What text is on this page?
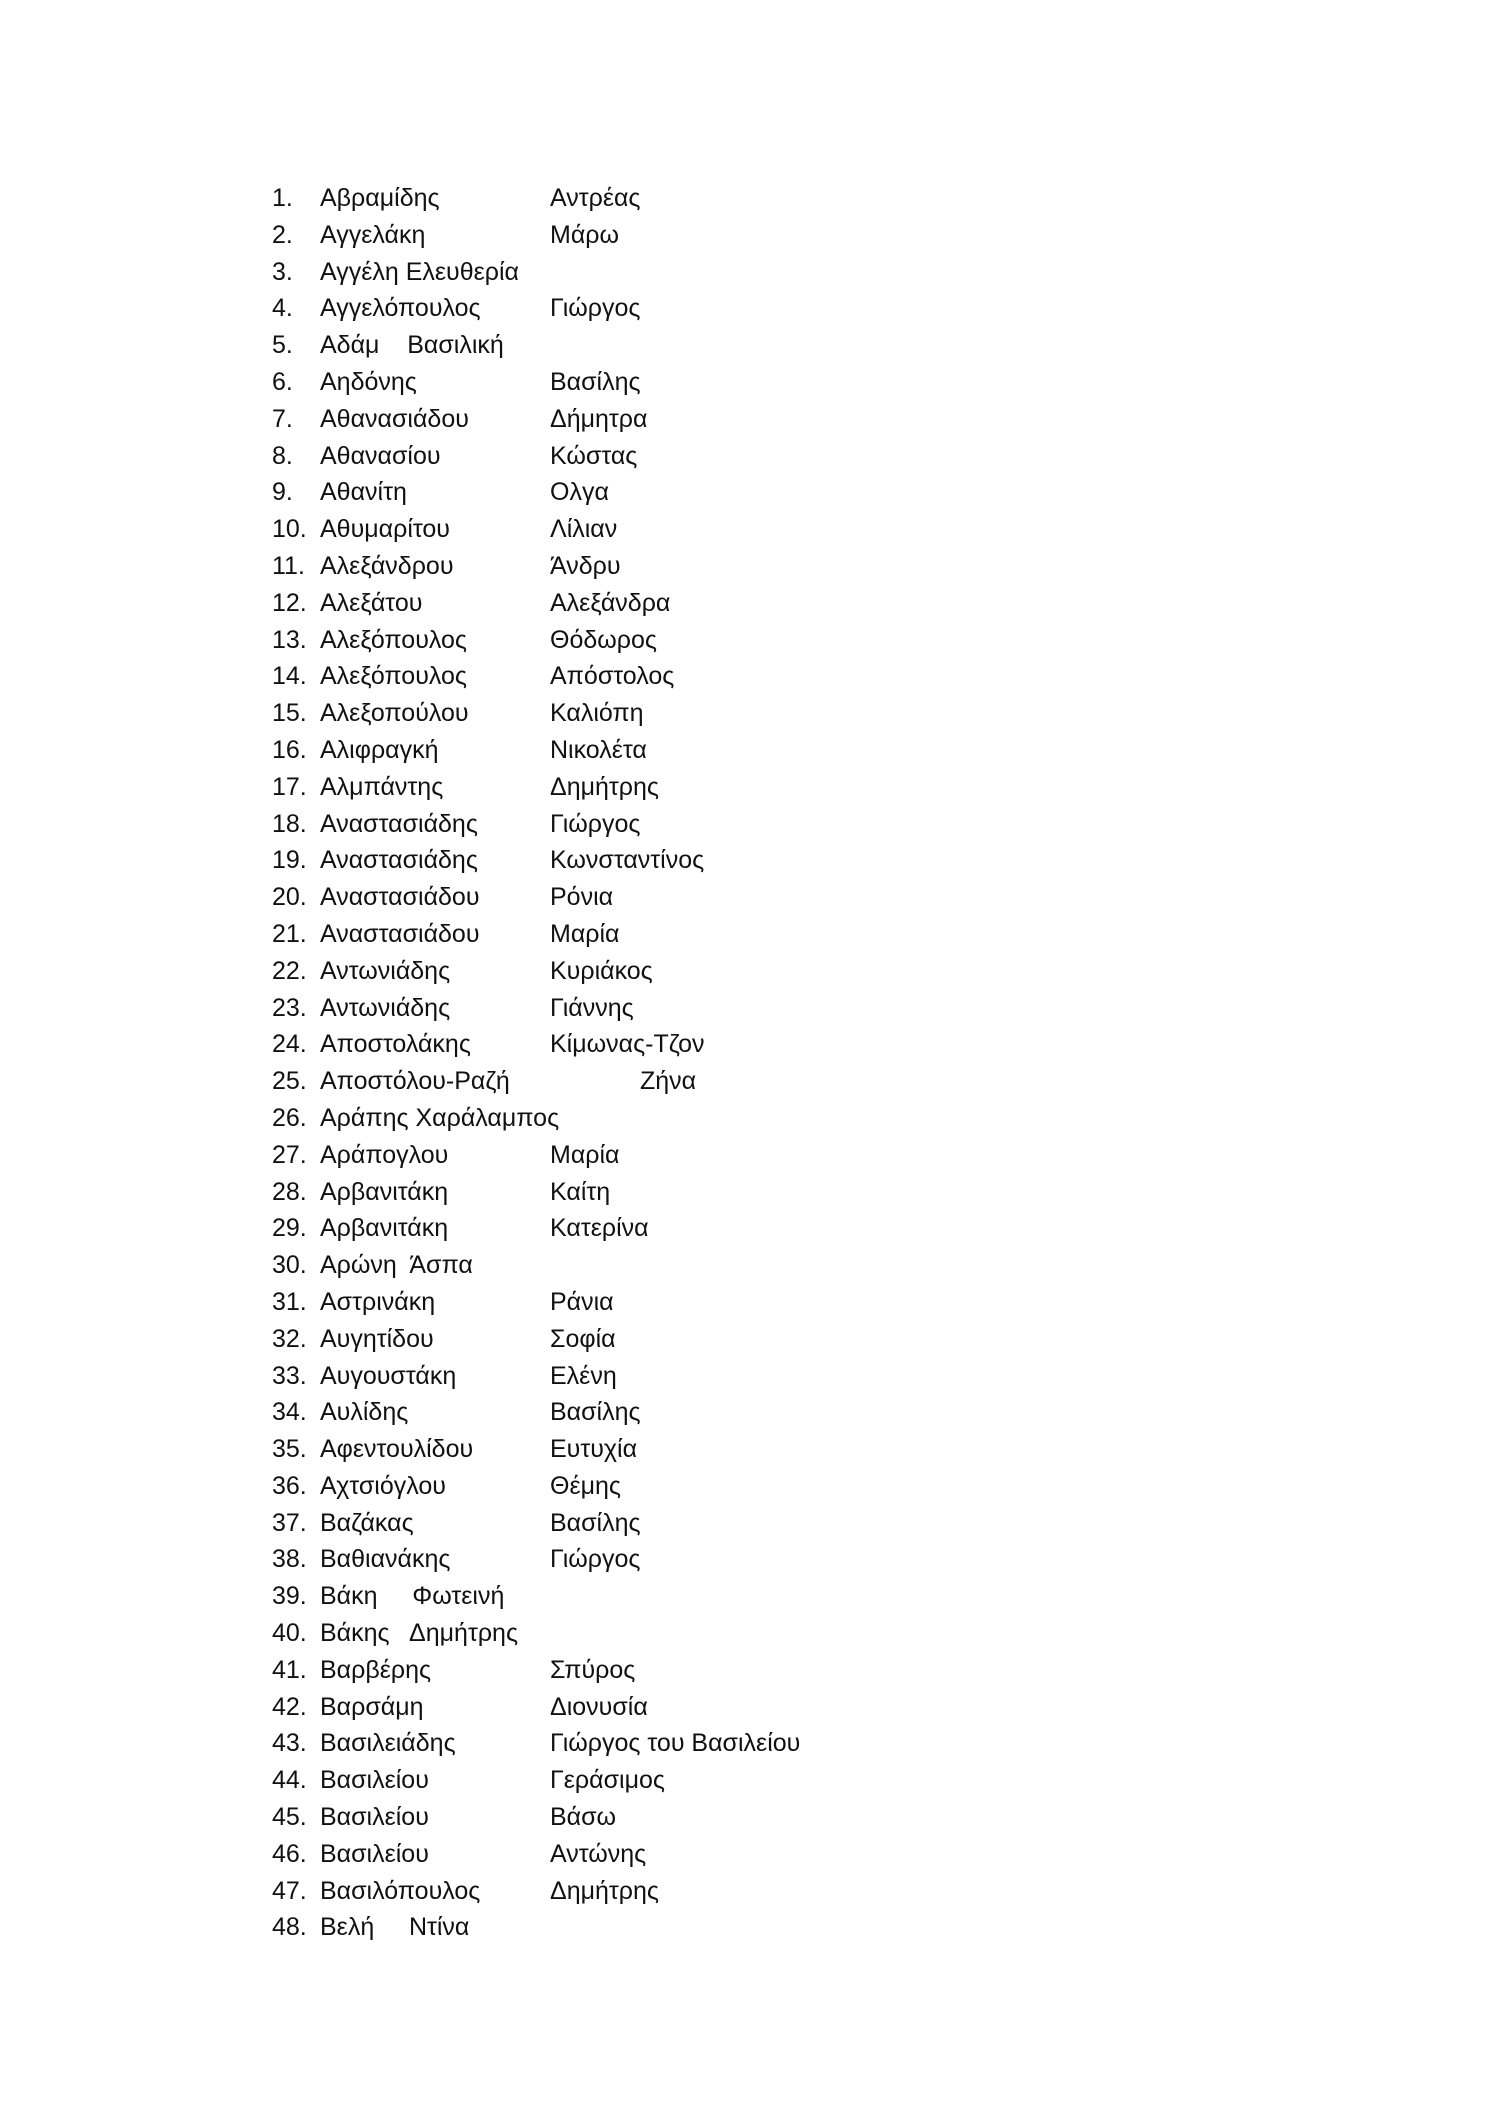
1. Αβραμίδης	Αντρέας
2. Αγγελάκη	Μάρω
3. Αγγέλη Ελευθερία
4. Αγγελόπουλος	Γιώργος
5. Αδάμ    Βασιλική
6. Αηδόνης	Βασίλης
7. Αθανασιάδου	Δήμητρα
8. Αθανασίου	Κώστας
9. Αθανίτη	Ολγα
10. Αθυμαρίτου	Λίλιαν
11. Αλεξάνδρου	Άνδρυ
12. Αλεξάτου	Αλεξάνδρα
13. Αλεξόπουλος	Θόδωρος
14. Αλεξόπουλος	Απόστολος
15. Αλεξοπούλου	Καλιόπη
16. Αλιφραγκή	Νικολέτα
17. Αλμπάντης	Δημήτρης
18. Αναστασιάδης	Γιώργος
19. Αναστασιάδης	Κωνσταντίνος
20. Αναστασιάδου	Ρόνια
21. Αναστασιάδου	Μαρία
22. Αντωνιάδης	Κυριάκος
23. Αντωνιάδης	Γιάννης
24. Αποστολάκης	Κίμωνας-Τζον
25. Αποστόλου-Ραζή	Ζήνα
26. Αράπης Χαράλαμπος
27. Αράπογλου	Μαρία
28. Αρβανιτάκη	Καίτη
29. Αρβανιτάκη	Κατερίνα
30. Αρώνη  Άσπα
31. Αστρινάκη	Ράνια
32. Αυγητίδου	Σοφία
33. Αυγουστάκη	Ελένη
34. Αυλίδης	Βασίλης
35. Αφεντουλίδου	Ευτυχία
36. Αχτσιόγλου	Θέμης
37. Βαζάκας	Βασίλης
38. Βαθιανάκης	Γιώργος
39. Βάκη     Φωτεινή
40. Βάκης   Δημήτρης
41. Βαρβέρης	Σπύρος
42. Βαρσάμη	Διονυσία
43. Βασιλειάδης	Γιώργος του Βασιλείου
44. Βασιλείου	Γεράσιμος
45. Βασιλείου	Βάσω
46. Βασιλείου	Αντώνης
47. Βασιλόπουλος	Δημήτρης
48. Βελή     Ντίνα
